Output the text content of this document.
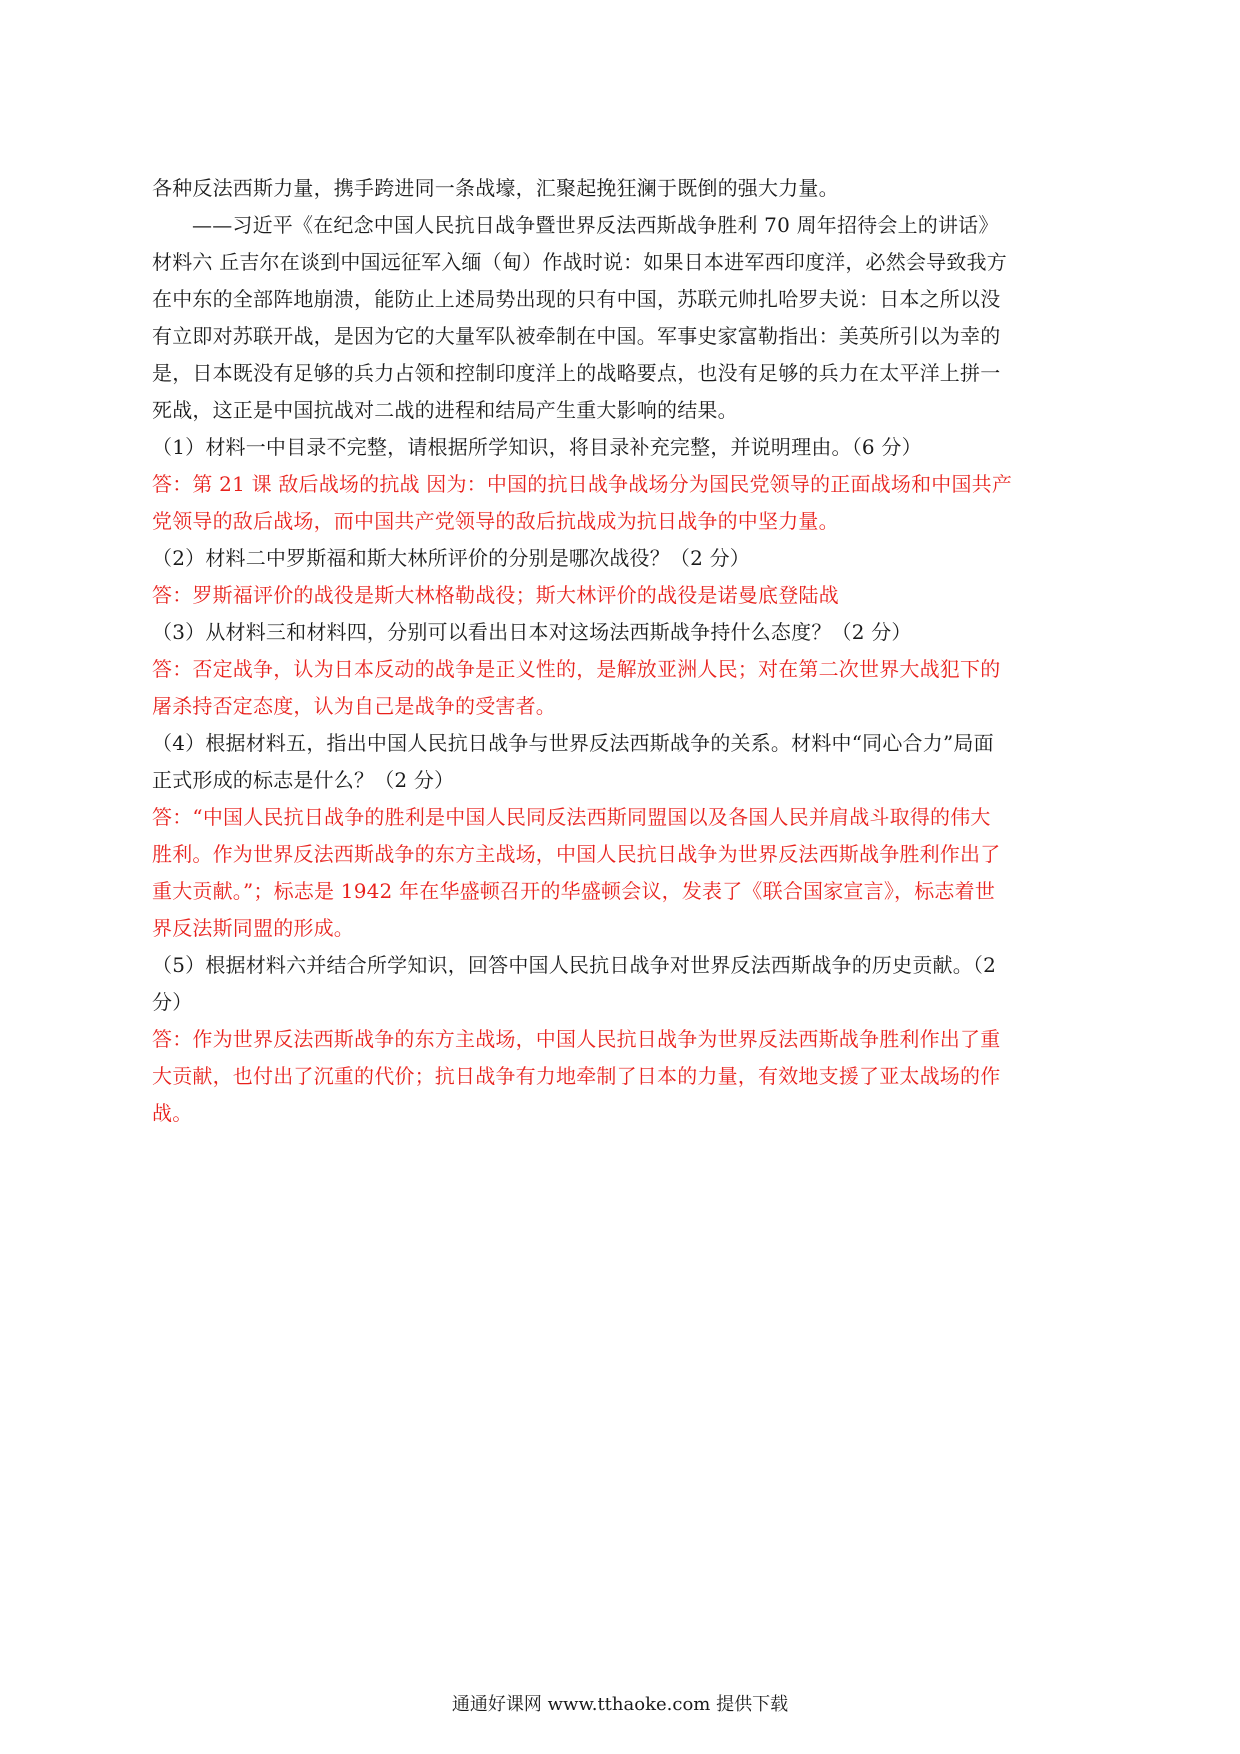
各种反法西斯力量，携手跨进同一条战壕，汇聚起挽狂澜于既倒的强大力量。
——习近平《在纪念中国人民抗日战争暨世界反法西斯战争胜利 70 周年招待会上的讲话》
材料六 丘吉尔在谈到中国远征军入缅（甸）作战时说：如果日本进军西印度洋，必然会导致我方
在中东的全部阵地崩溃，能防止上述局势出现的只有中国，苏联元帅扎哈罗夫说：日本之所以没
有立即对苏联开战，是因为它的大量军队被牵制在中国。军事史家富勒指出：美英所引以为幸的
是，日本既没有足够的兵力占领和控制印度洋上的战略要点，也没有足够的兵力在太平洋上拼一
死战，这正是中国抗战对二战的进程和结局产生重大影响的结果。
（1）材料一中目录不完整，请根据所学知识，将目录补充完整，并说明理由。（6 分）
答：第 21 课 敌后战场的抗战 因为：中国的抗日战争战场分为国民党领导的正面战场和中国共产
党领导的敌后战场，而中国共产党领导的敌后抗战成为抗日战争的中坚力量。
（2）材料二中罗斯福和斯大林所评价的分别是哪次战役？（2 分）
答：罗斯福评价的战役是斯大林格勒战役；斯大林评价的战役是诺曼底登陆战
（3）从材料三和材料四，分别可以看出日本对这场法西斯战争持什么态度？（2 分）
答：否定战争，认为日本反动的战争是正义性的，是解放亚洲人民；对在第二次世界大战犯下的
屠杀持否定态度，认为自己是战争的受害者。
（4）根据材料五，指出中国人民抗日战争与世界反法西斯战争的关系。材料中“同心合力”局面
正式形成的标志是什么？（2 分）
答：“中国人民抗日战争的胜利是中国人民同反法西斯同盟国以及各国人民并肩战斗取得的伟大
胜利。作为世界反法西斯战争的东方主战场，中国人民抗日战争为世界反法西斯战争胜利作出了
重大贡献。”；标志是 1942 年在华盛顿召开的华盛顿会议，发表了《联合国家宣言》，标志着世
界反法斯同盟的形成。
（5）根据材料六并结合所学知识，回答中国人民抗日战争对世界反法西斯战争的历史贡献。（2
分）
答：作为世界反法西斯战争的东方主战场，中国人民抗日战争为世界反法西斯战争胜利作出了重
大贡献，也付出了沉重的代价；抗日战争有力地牵制了日本的力量，有效地支援了亚太战场的作
战。
通通好课网 www.tthaoke.com 提供下载
